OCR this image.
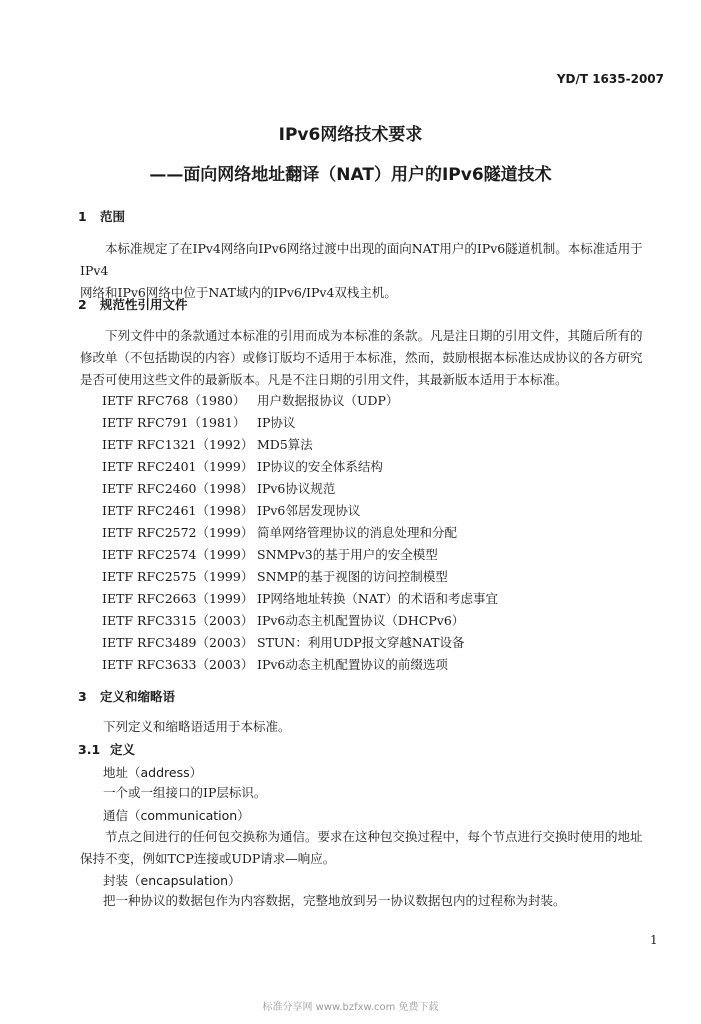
YD/T 1635-2007
IPv6网络技术要求
——面向网络地址翻译（NAT）用户的IPv6隧道技术
1 范围
本标准规定了在IPv4网络向IPv6网络过渡中出现的面向NAT用户的IPv6隧道机制。本标准适用于IPv4
网络和IPv6网络中位于NAT域内的IPv6/IPv4双栈主机。
2 规范性引用文件
下列文件中的条款通过本标准的引用而成为本标准的条款。凡是注日期的引用文件，其随后所有的
修改单（不包括勘误的内容）或修订版均不适用于本标准，然而，鼓励根据本标准达成协议的各方研究
是否可使用这些文件的最新版本。凡是不注日期的引用文件，其最新版本适用于本标准。
IETF RFC768（1980） 用户数据报协议（UDP）
IETF RFC791（1981） IP协议
IETF RFC1321（1992） MD5算法
IETF RFC2401（1999） IP协议的安全体系结构
IETF RFC2460（1998） IPv6协议规范
IETF RFC2461（1998） IPv6邻居发现协议
IETF RFC2572（1999） 简单网络管理协议的消息处理和分配
IETF RFC2574（1999） SNMPv3的基于用户的安全模型
IETF RFC2575（1999） SNMP的基于视图的访问控制模型
IETF RFC2663（1999） IP网络地址转换（NAT）的术语和考虑事宜
IETF RFC3315（2003） IPv6动态主机配置协议（DHCPv6）
IETF RFC3489（2003） STUN：利用UDP报文穿越NAT设备
IETF RFC3633（2003） IPv6动态主机配置协议的前缀选项
3 定义和缩略语
下列定义和缩略语适用于本标准。
3.1 定义
地址（address）
一个或一组接口的IP层标识。
通信（communication）
节点之间进行的任何包交换称为通信。要求在这种包交换过程中，每个节点进行交换时使用的地址
保持不变，例如TCP连接或UDP请求—响应。
封装（encapsulation）
把一种协议的数据包作为内容数据，完整地放到另一协议数据包内的过程称为封装。
1
标准分享网 www.bzfxw.com 免费下载
